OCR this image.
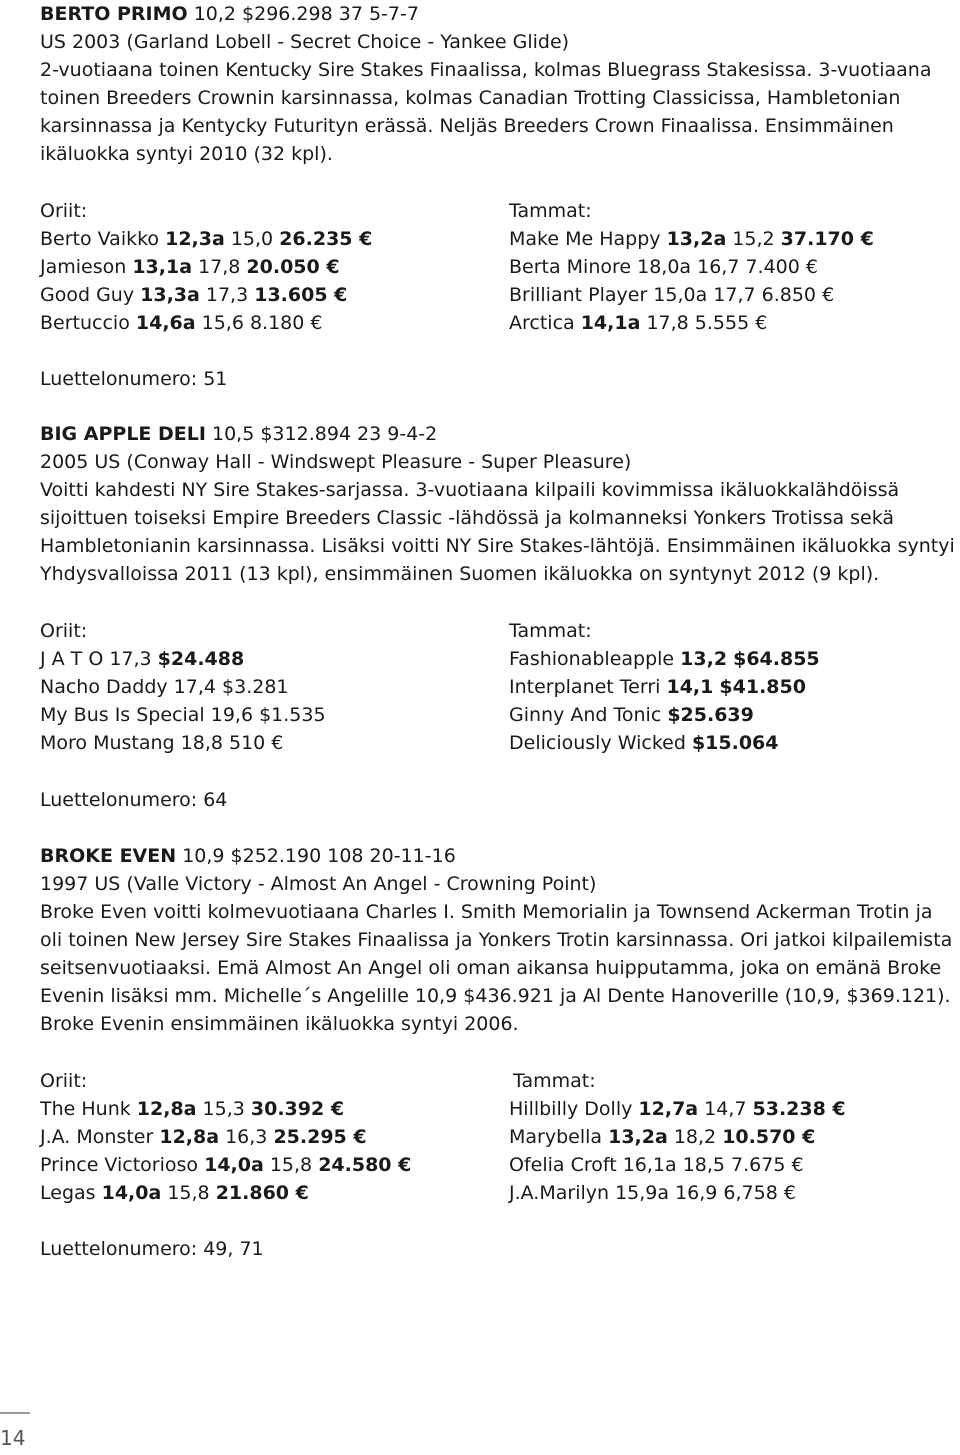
BERTO PRIMO 10,2 $296.298 37 5-7-7

US 2003 (Garland Lobell - Secret Choice - Yankee Glide)

2-vuotiaana toinen Kentucky Sire Stakes Finaalissa, kolmas Bluegrass Stakesissa. 3-vuotiaana toinen Breeders Crownin karsinnassa, kolmas Canadian Trotting Classicissa, Hambletonian karsinnassa ja Kentycky Futurityn erässä. Neljäs Breeders Crown Finaalissa. Ensimmäinen ikäluokka syntyi 2010 (32 kpl).

Oriit:
Berto Vaikko 12,3a 15,0 26.235 €
Jamieson 13,1a 17,8 20.050 €
Good Guy 13,3a 17,3 13.605 €
Bertuccio 14,6a 15,6 8.180 €
Tammat:
Make Me Happy 13,2a 15,2 37.170 €
Berta Minore 18,0a 16,7 7.400 €
Brilliant Player 15,0a 17,7 6.850 €
Arctica 14,1a 17,8 5.555 €
Luettelonumero: 51

BIG APPLE DELI 10,5 $312.894 23 9-4-2

2005 US (Conway Hall - Windswept Pleasure - Super Pleasure)

Voitti kahdesti NY Sire Stakes-sarjassa. 3-vuotiaana kilpaili kovimmissa ikäluokkalähdöissä sijoittuen toiseksi Empire Breeders Classic -lähdössä ja kolmanneksi Yonkers Trotissa sekä Hambletonianin karsinnassa. Lisäksi voitti NY Sire Stakes-lähtöjä. Ensimmäinen ikäluokka syntyi Yhdysvalloissa 2011 (13 kpl), ensimmäinen Suomen ikäluokka on syntynyt 2012 (9 kpl).

Oriit:
J A T O 17,3 $24.488
Nacho Daddy 17,4 $3.281
My Bus Is Special 19,6 $1.535
Moro Mustang 18,8 510 €
Tammat:
Fashionableapple 13,2 $64.855
Interplanet Terri 14,1 $41.850
Ginny And Tonic $25.639
Deliciously Wicked $15.064
Luettelonumero: 64

BROKE EVEN 10,9 $252.190 108 20-11-16

1997 US (Valle Victory - Almost An Angel - Crowning Point)

Broke Even voitti kolmevuotiaana Charles I. Smith Memorialin ja Townsend Ackerman Trotin ja oli toinen New Jersey Sire Stakes Finaalissa ja Yonkers Trotin karsinnassa. Ori jatkoi kilpailemista seitsenvuotiaaksi. Emä Almost An Angel oli oman aikansa huipputamma, joka on emänä Broke Evenin lisäksi mm. Michelle´s Angelille 10,9 $436.921 ja Al Dente Hanoverille (10,9, $369.121). Broke Evenin ensimmäinen ikäluokka syntyi 2006.

Oriit:
The Hunk 12,8a 15,3 30.392 €
J.A. Monster 12,8a 16,3 25.295 €
Prince Victorioso 14,0a 15,8 24.580 €
Legas 14,0a 15,8 21.860 €
Tammat:
Hillbilly Dolly 12,7a 14,7 53.238 €
Marybella 13,2a 18,2 10.570 €
Ofelia Croft 16,1a 18,5 7.675 €
J.A.Marilyn 15,9a 16,9 6,758 €
Luettelonumero: 49, 71
14
